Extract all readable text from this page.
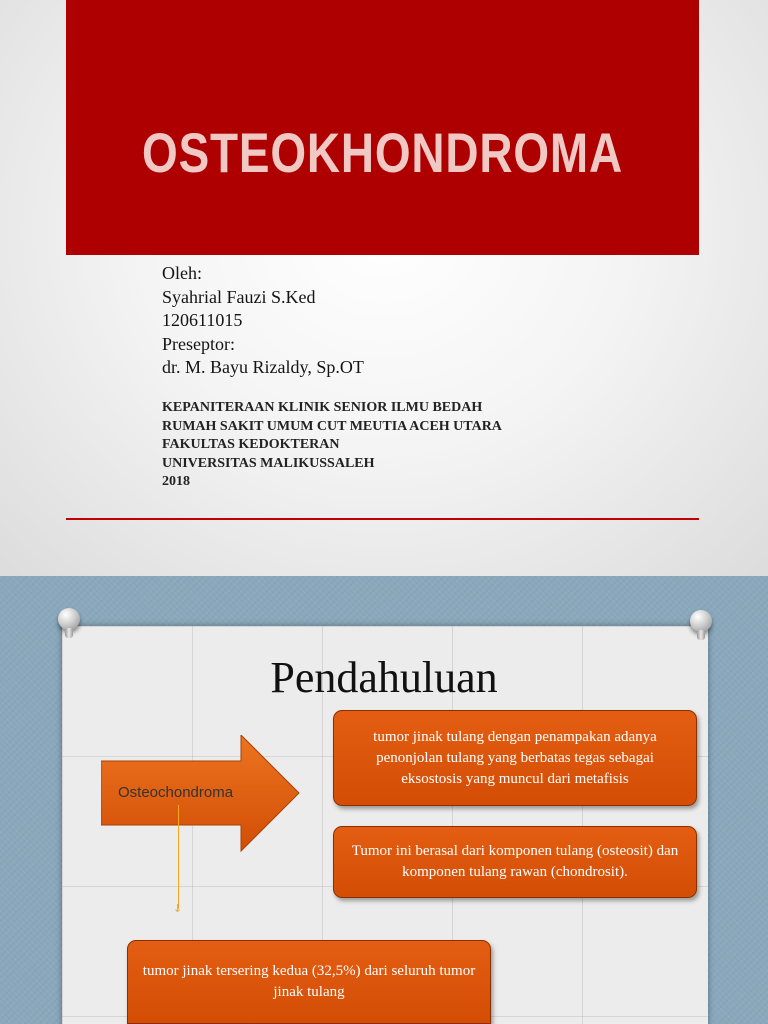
OSTEOKHONDROMA
Oleh:
Syahrial Fauzi S.Ked
120611015
Preseptor:
dr. M. Bayu Rizaldy, Sp.OT
KEPANITERAAN KLINIK SENIOR ILMU BEDAH
RUMAH SAKIT UMUM CUT MEUTIA ACEH UTARA
FAKULTAS KEDOKTERAN
UNIVERSITAS MALIKUSSALEH
2018
Pendahuluan
Osteochondroma
↓
tumor jinak tulang dengan penampakan adanya penonjolan tulang yang berbatas tegas sebagai eksostosis yang muncul dari metafisis
Tumor ini berasal dari komponen tulang (osteosit) dan komponen tulang rawan (chondrosit).
tumor jinak tersering kedua (32,5%) dari seluruh tumor jinak tulang
